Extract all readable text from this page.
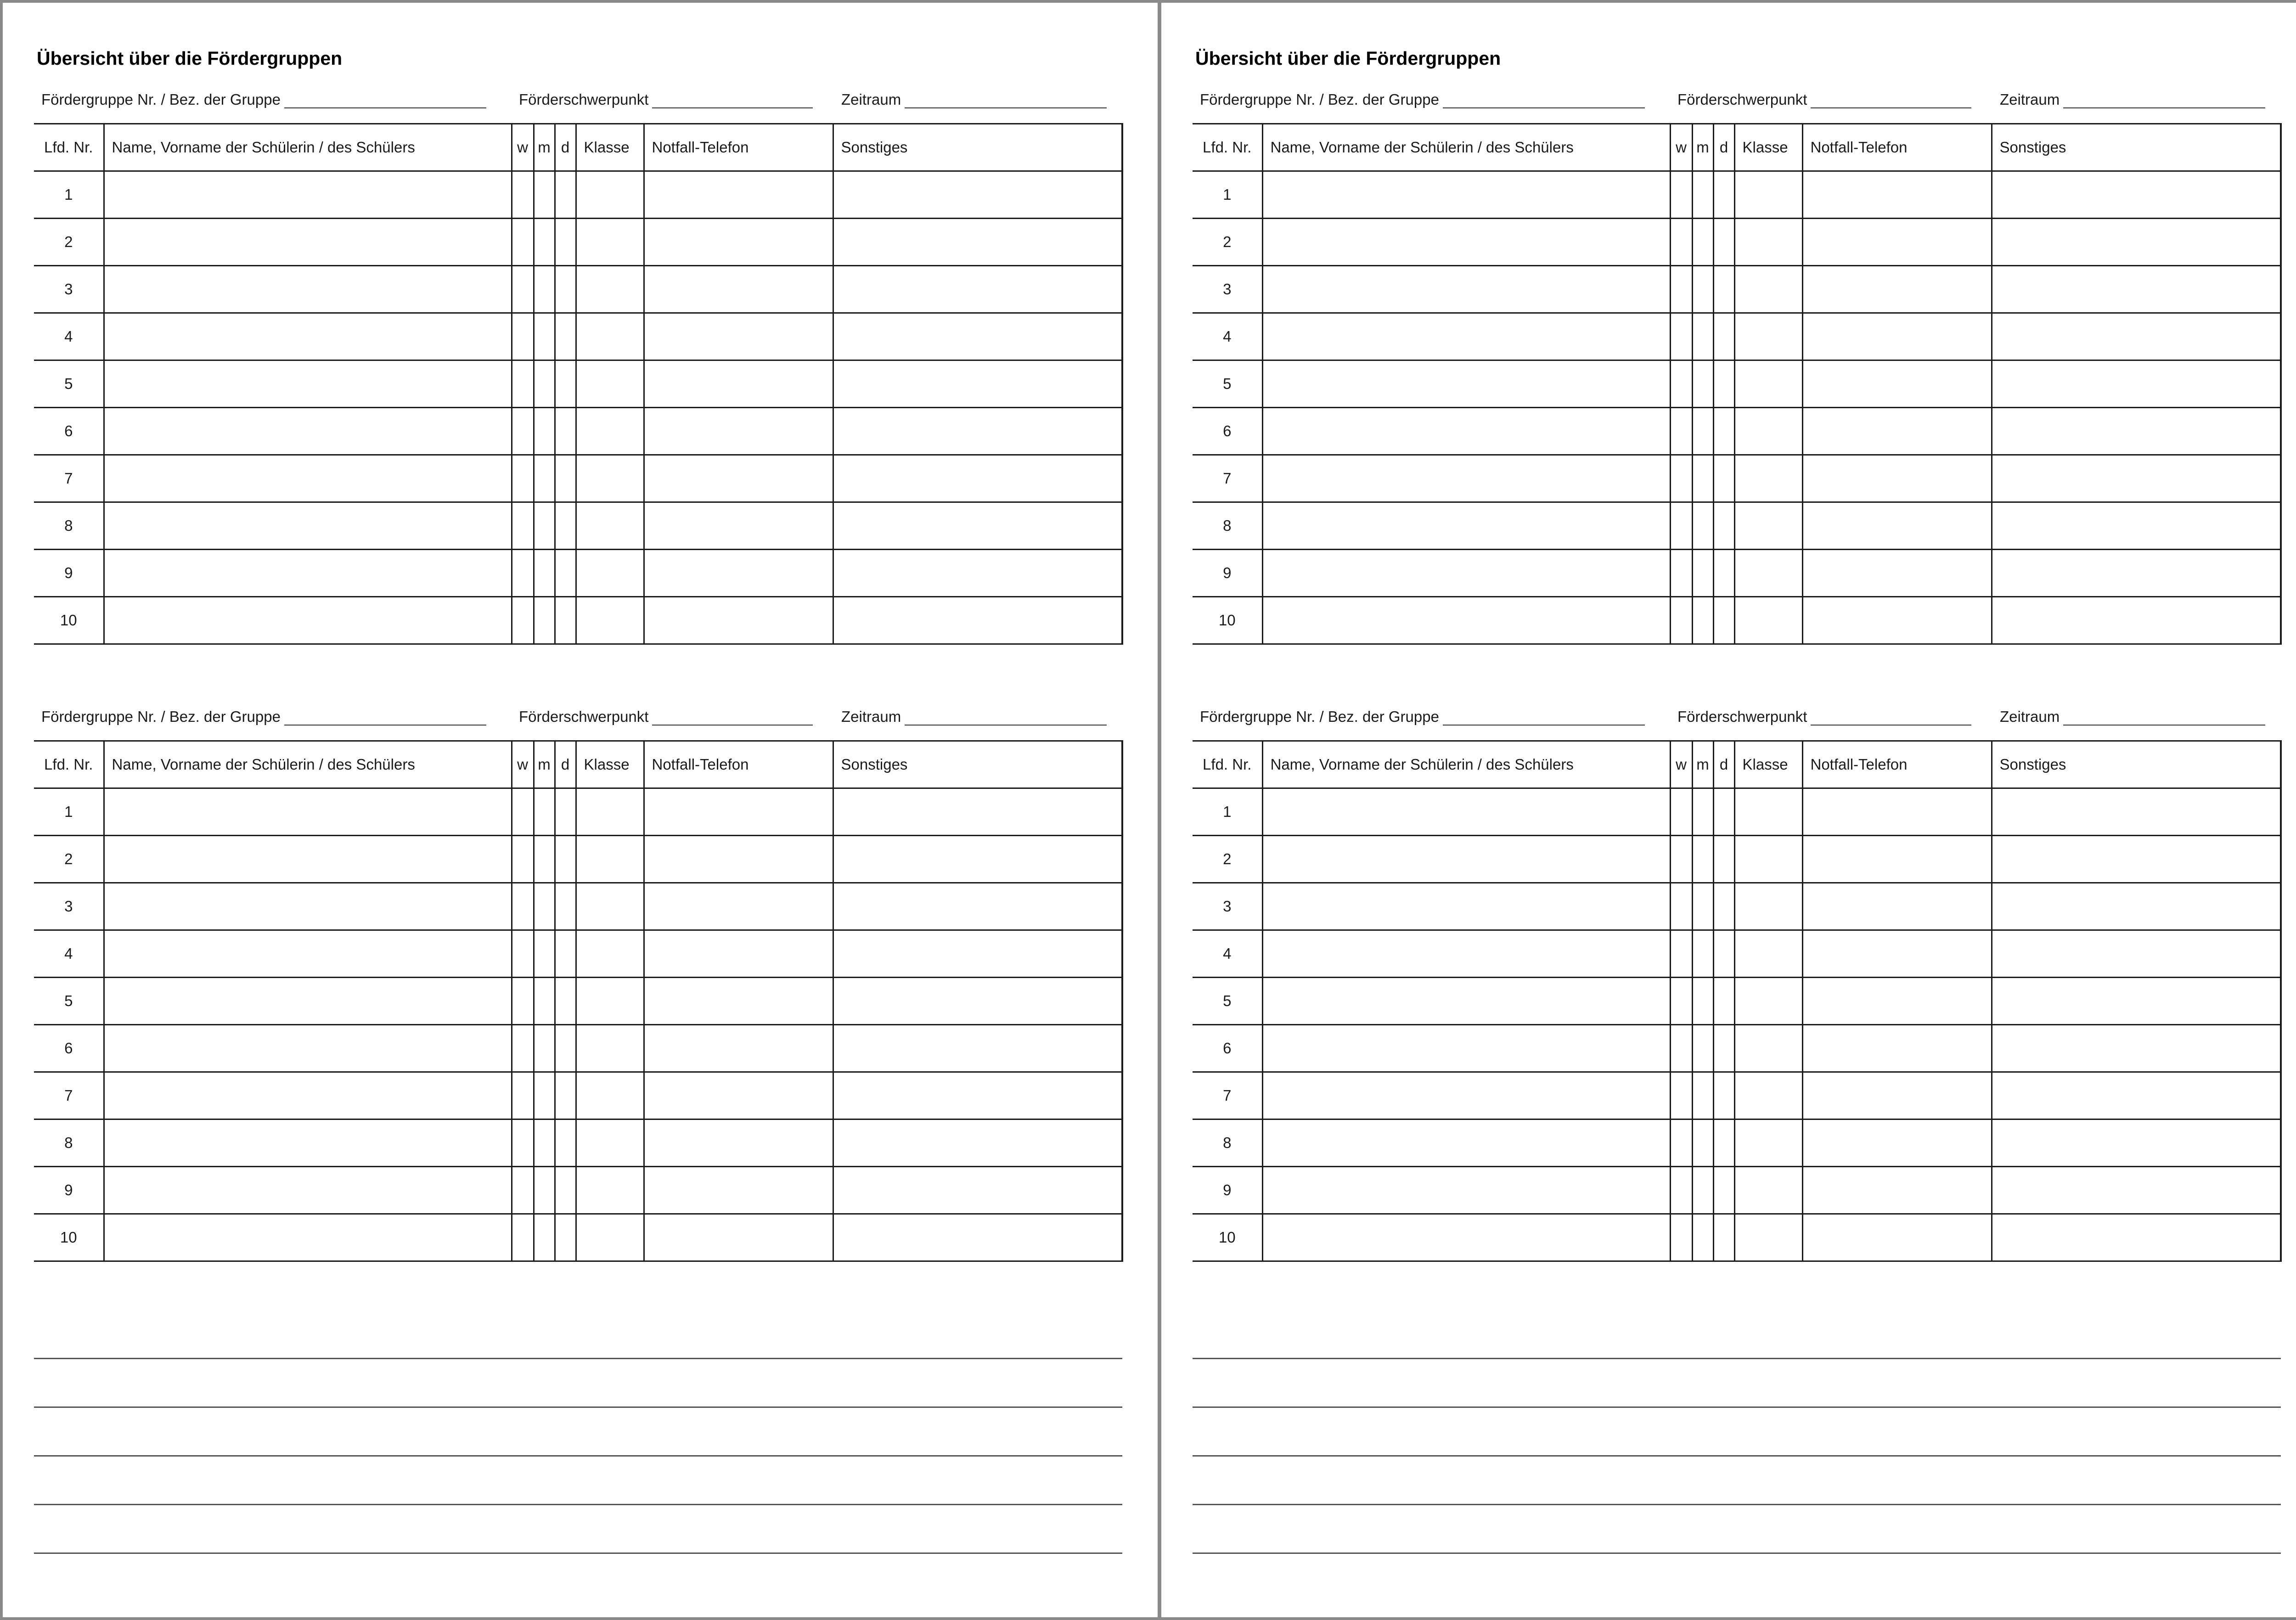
Übersicht über die Fördergruppen
Fördergruppe Nr. / Bez. der Gruppe	Förderschwerpunkt	Zeitraum
Lfd. Nr.	Name, Vorname der Schülerin / des Schülers	w	m	d	Klasse	Notfall-Telefon	Sonstiges
1							
2							
3							
4							
5							
6							
7							
8							
9							
10							
Fördergruppe Nr. / Bez. der Gruppe	Förderschwerpunkt	Zeitraum
Lfd. Nr.	Name, Vorname der Schülerin / des Schülers	w	m	d	Klasse	Notfall-Telefon	Sonstiges
1							
2							
3							
4							
5							
6							
7							
8							
9							
10							
Übersicht über die Fördergruppen
Fördergruppe Nr. / Bez. der Gruppe	Förderschwerpunkt	Zeitraum
Lfd. Nr.	Name, Vorname der Schülerin / des Schülers	w	m	d	Klasse	Notfall-Telefon	Sonstiges
1							
2							
3							
4							
5							
6							
7							
8							
9							
10							
Fördergruppe Nr. / Bez. der Gruppe	Förderschwerpunkt	Zeitraum
Lfd. Nr.	Name, Vorname der Schülerin / des Schülers	w	m	d	Klasse	Notfall-Telefon	Sonstiges
1							
2							
3							
4							
5							
6							
7							
8							
9							
10							
